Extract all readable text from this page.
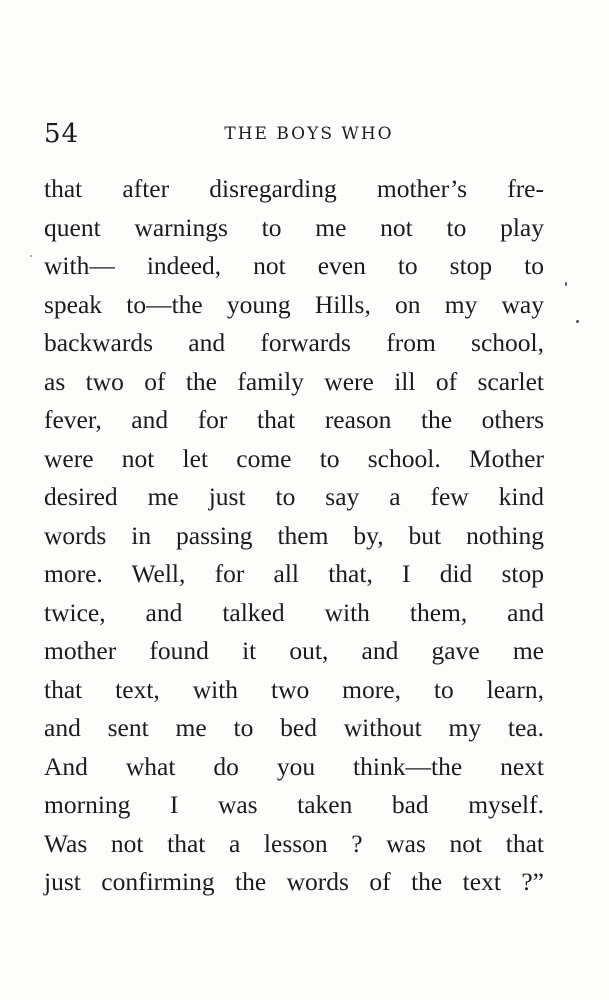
54	THE BOYS WHO
that after disregarding mother’s fre-
quent warnings to me not to play
with— indeed, not even to stop to
speak to—the young Hills, on my way
backwards and forwards from school,
as two of the family were ill of scarlet
fever, and for that reason the others
were not let come to school. Mother
desired me just to say a few kind
words in passing them by, but nothing
more. Well, for all that, I did stop
twice, and talked with them, and
mother found it out, and gave me
that text, with two more, to learn,
and sent me to bed without my tea.
And what do you think—the next
morning I was taken bad myself.
Was not that a lesson ? was not that
just confirming the words of the text ?”
